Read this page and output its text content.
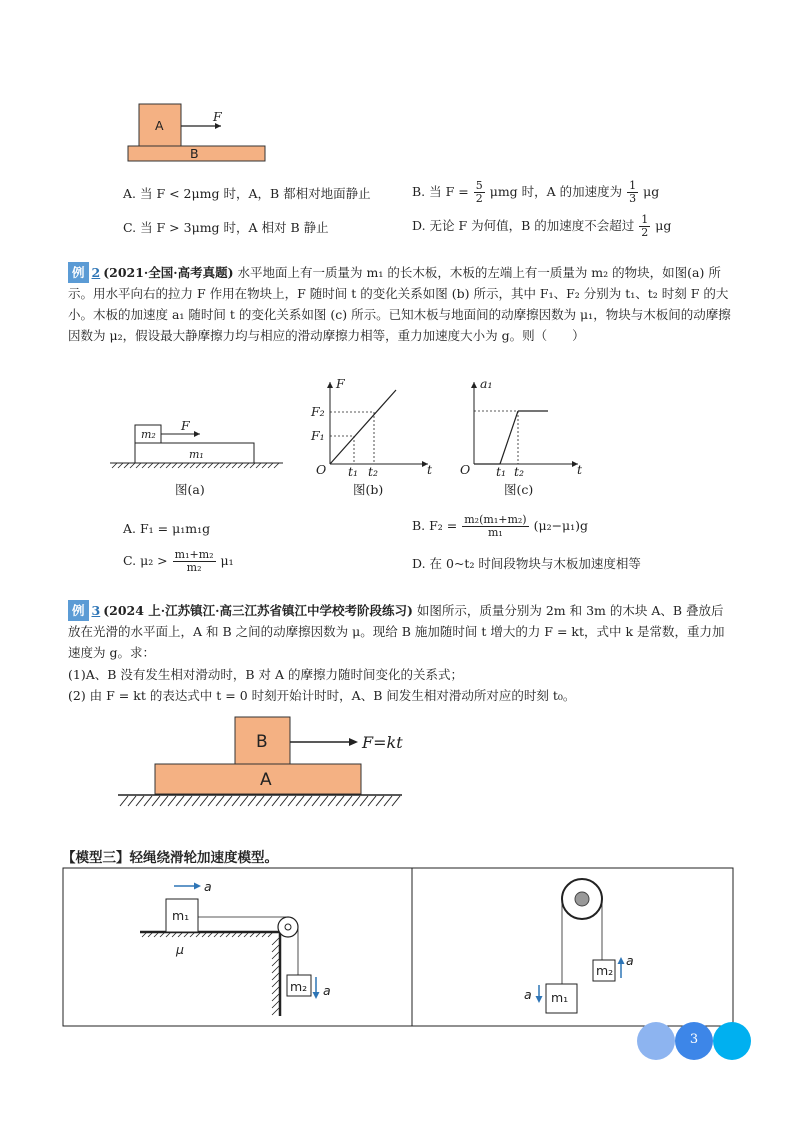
A
B
F
A. 当 F < 2μmg 时，A，B 都相对地面静止	B. 当 $F = \frac{5}{2}$ μmg 时，A 的加速度为 $\frac{1}{3}$ μg
C. 当 F > 3μmg 时，A 相对 B 静止	D. 无论 F 为何值，B 的加速度不会超过 $\frac{1}{2}$ μg
例 2 (2021·全国·高考真题) 水平地面上有一质量为 m₁ 的长木板，木板的左端上有一质量为 m₂ 的物块，如图(a) 所示。用水平向右的拉力 F 作用在物块上，F 随时间 t 的变化关系如图 (b) 所示，其中 F₁、F₂ 分别为 t₁、t₂ 时刻 F 的大小。木板的加速度 a₁ 随时间 t 的变化关系如图 (c) 所示。已知木板与地面间的动摩擦因数为 μ₁，物块与木板间的动摩擦因数为 μ₂，假设最大静摩擦力均与相应的滑动摩擦力相等，重力加速度大小为 g。则（　　）
m₂
m₁
F
图(a)
F
F₂
F₁
O t₁ t₂	t
图(b)
a₁
O t₁ t₂	t
图(c)
A. F₁ = μ₁m₁g	B. $F_2 = \frac{\text{m₂(m₁+m₂)}}{\text{m₁}} (\mu_2-\mu_1)g$
C. $\mu_2 > \frac{\text{m₁+m₂}}{\text{m₂}} \mu_1$	D. 在 0~t₂ 时间段物块与木板加速度相等
例 3 (2024 上·江苏镇江·高三江苏省镇江中学校考阶段练习) 如图所示，质量分别为 2m 和 3m 的木块 A、B 叠放后放在光滑的水平面上，A 和 B 之间的动摩擦因数为 μ。现给 B 施加随时间 t 增大的力 F = kt，式中 k 是常数，重力加速度为 g。求：
(1)A、B 没有发生相对滑动时，B 对 A 的摩擦力随时间变化的关系式；
(2) 由 F = kt 的表达式中 t = 0 时刻开始计时时，A、B 间发生相对滑动所对应的时刻 t₀。
B
A
F=kt
【模型三】轻绳绕滑轮加速度模型。
a
m₁
μ
m₂ a	a m₁
m₂
a
3
